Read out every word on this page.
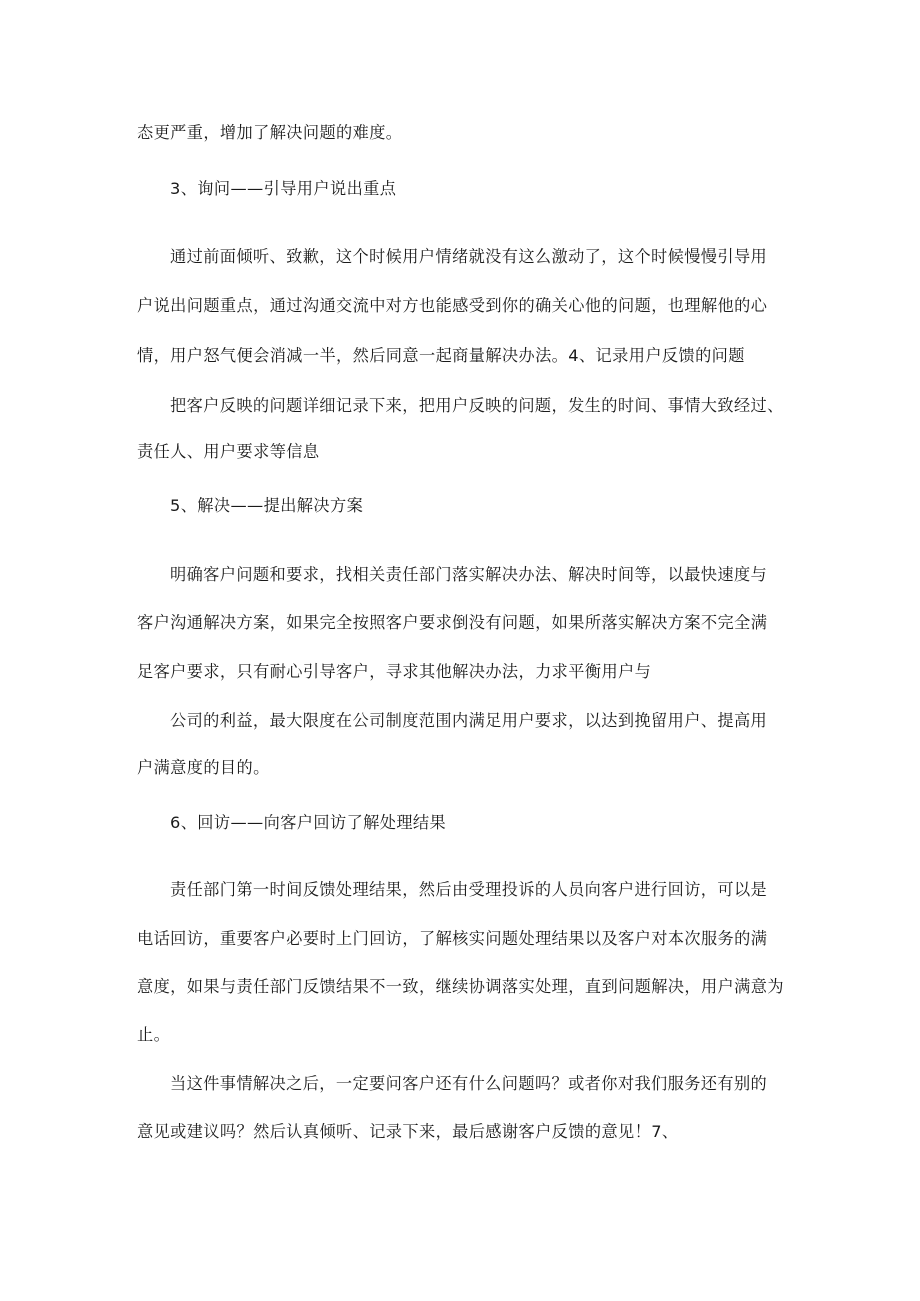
态更严重，增加了解决问题的难度。
3、询问——引导用户说出重点
通过前面倾听、致歉，这个时候用户情绪就没有这么激动了，这个时候慢慢引导用
户说出问题重点，通过沟通交流中对方也能感受到你的确关心他的问题，也理解他的心
情，用户怒气便会消减一半，然后同意一起商量解决办法。4、记录用户反馈的问题
把客户反映的问题详细记录下来，把用户反映的问题，发生的时间、事情大致经过、
责任人、用户要求等信息
5、解决——提出解决方案
明确客户问题和要求，找相关责任部门落实解决办法、解决时间等，以最快速度与
客户沟通解决方案，如果完全按照客户要求倒没有问题，如果所落实解决方案不完全满
足客户要求，只有耐心引导客户，寻求其他解决办法，力求平衡用户与
公司的利益，最大限度在公司制度范围内满足用户要求，以达到挽留用户、提高用
户满意度的目的。
6、回访——向客户回访了解处理结果
责任部门第一时间反馈处理结果，然后由受理投诉的人员向客户进行回访，可以是
电话回访，重要客户必要时上门回访，了解核实问题处理结果以及客户对本次服务的满
意度，如果与责任部门反馈结果不一致，继续协调落实处理，直到问题解决，用户满意为
止。
当这件事情解决之后，一定要问客户还有什么问题吗？或者你对我们服务还有别的
意见或建议吗？然后认真倾听、记录下来，最后感谢客户反馈的意见！7、
